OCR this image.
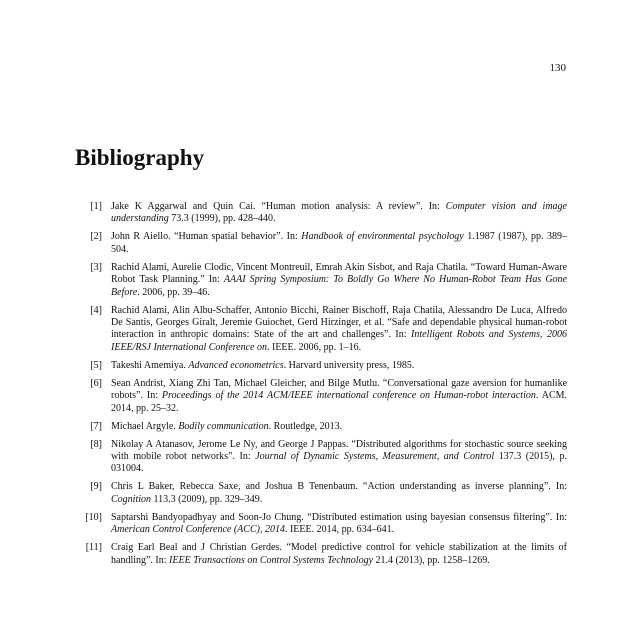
130
Bibliography
[1] Jake K Aggarwal and Quin Cai. “Human motion analysis: A review”. In: Computer vision and image understanding 73.3 (1999), pp. 428–440.
[2] John R Aiello. “Human spatial behavior”. In: Handbook of environmental psychology 1.1987 (1987), pp. 389–504.
[3] Rachid Alami, Aurelie Clodic, Vincent Montreuil, Emrah Akin Sisbot, and Raja Chatila. “Toward Human-Aware Robot Task Planning.” In: AAAI Spring Symposium: To Boldly Go Where No Human-Robot Team Has Gone Before. 2006, pp. 39–46.
[4] Rachid Alami, Alin Albu-Schaffer, Antonio Bicchi, Rainer Bischoff, Raja Chatila, Alessandro De Luca, Alfredo De Santis, Georges Giralt, Jeremie Guiochet, Gerd Hirzinger, et al. “Safe and dependable physical human-robot interaction in anthropic domains: State of the art and challenges”. In: Intelligent Robots and Systems, 2006 IEEE/RSJ International Conference on. IEEE. 2006, pp. 1–16.
[5] Takeshi Amemiya. Advanced econometrics. Harvard university press, 1985.
[6] Sean Andrist, Xiang Zhi Tan, Michael Gleicher, and Bilge Mutlu. “Conversational gaze aversion for humanlike robots”. In: Proceedings of the 2014 ACM/IEEE international conference on Human-robot interaction. ACM. 2014, pp. 25–32.
[7] Michael Argyle. Bodily communication. Routledge, 2013.
[8] Nikolay A Atanasov, Jerome Le Ny, and George J Pappas. “Distributed algorithms for stochastic source seeking with mobile robot networks”. In: Journal of Dynamic Systems, Measurement, and Control 137.3 (2015), p. 031004.
[9] Chris L Baker, Rebecca Saxe, and Joshua B Tenenbaum. “Action understanding as inverse planning”. In: Cognition 113.3 (2009), pp. 329–349.
[10] Saptarshi Bandyopadhyay and Soon-Jo Chung. “Distributed estimation using bayesian consensus filtering”. In: American Control Conference (ACC), 2014. IEEE. 2014, pp. 634–641.
[11] Craig Earl Beal and J Christian Gerdes. “Model predictive control for vehicle stabilization at the limits of handling”. In: IEEE Transactions on Control Systems Technology 21.4 (2013), pp. 1258–1269.
